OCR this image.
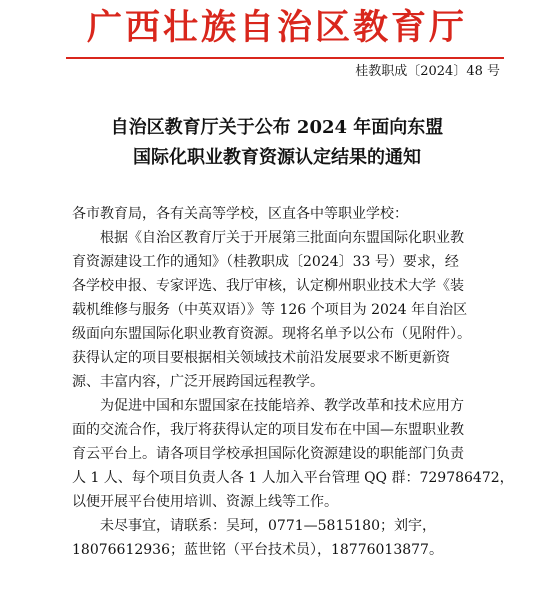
广西壮族自治区教育厅
桂教职成〔2024〕48 号
自治区教育厅关于公布 2024 年面向东盟
国际化职业教育资源认定结果的通知
各市教育局，各有关高等学校，区直各中等职业学校：
根据《自治区教育厅关于开展第三批面向东盟国际化职业教
育资源建设工作的通知》（桂教职成〔2024〕33 号）要求，经
各学校申报、专家评选、我厅审核，认定柳州职业技术大学《装
载机维修与服务（中英双语）》等 126 个项目为 2024 年自治区
级面向东盟国际化职业教育资源。现将名单予以公布（见附件）。
获得认定的项目要根据相关领域技术前沿发展要求不断更新资
源、丰富内容，广泛开展跨国远程教学。
为促进中国和东盟国家在技能培养、教学改革和技术应用方
面的交流合作，我厅将获得认定的项目发布在中国—东盟职业教
育云平台上。请各项目学校承担国际化资源建设的职能部门负责
人 1 人、每个项目负责人各 1 人加入平台管理 QQ 群：729786472，
以便开展平台使用培训、资源上线等工作。
未尽事宜，请联系：吴珂，0771—5815180；刘宇，
18076612936；蓝世铭（平台技术员），18776013877。
